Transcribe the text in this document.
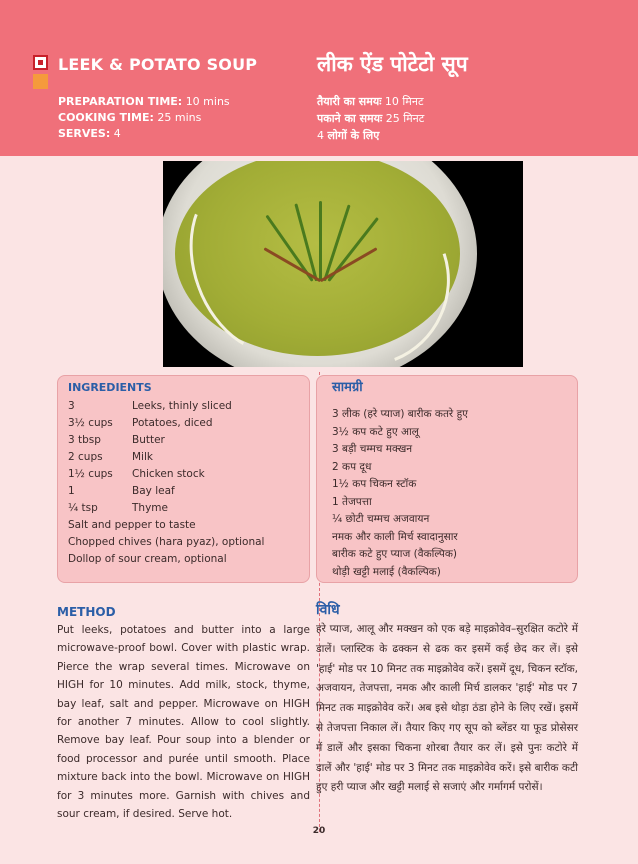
LEEK & POTATO SOUP	लीक ऐंड पोटेटो सूप
PREPARATION TIME: 10 mins
COOKING TIME: 25 mins
SERVES: 4
तैयारी का समयः 10 मिनट
पकाने का समयः 25 मिनट
4 लोगों के लिए
INGREDIENTS
3	Leeks, thinly sliced
3½ cups	Potatoes, diced
3 tbsp	Butter
2 cups	Milk
1½ cups	Chicken stock
1	Bay leaf
¼ tsp	Thyme
Salt and pepper to taste
Chopped chives (hara pyaz), optional
Dollop of sour cream, optional
सामग्री
3 लीक (हरे प्याज) बारीक कतरे हुए
3½ कप कटे हुए आलू
3 बड़ी चम्मच मक्खन
2 कप दूध
1½ कप चिकन स्टॉक
1 तेजपत्ता
¼ छोटी चम्मच अजवायन
नमक और काली मिर्च स्वादानुसार
बारीक कटे हुए प्याज (वैकल्पिक)
थोड़ी खट्टी मलाई (वैकल्पिक)
METHOD
Put leeks, potatoes and butter into a large microwave-proof bowl. Cover with plastic wrap. Pierce the wrap several times. Microwave on HIGH for 10 minutes. Add milk, stock, thyme, bay leaf, salt and pepper. Microwave on HIGH for another 7 minutes. Allow to cool slightly. Remove bay leaf. Pour soup into a blender or food processor and purée until smooth. Place mixture back into the bowl. Microwave on HIGH for 3 minutes more. Garnish with chives and sour cream, if desired. Serve hot.
विधि
हरे प्याज, आलू और मक्खन को एक बड़े माइक्रोवेव–सुरक्षित कटोरे में डालें। प्लास्टिक के ढक्कन से ढक कर इसमें कई छेद कर लें। इसे 'हाई' मोड पर 10 मिनट तक माइक्रोवेव करें। इसमें दूध, चिकन स्टॉक, अजवायन, तेजपत्ता, नमक और काली मिर्च डालकर 'हाई' मोड पर 7 मिनट तक माइक्रोवेव करें। अब इसे थोड़ा ठंडा होने के लिए रखें। इसमें से तेजपत्ता निकाल लें। तैयार किए गए सूप को ब्लेंडर या फूड प्रोसेसर में डालें और इसका चिकना शोरबा तैयार कर लें। इसे पुनः कटोरे में डालें और 'हाई' मोड पर 3 मिनट तक माइक्रोवेव करें। इसे बारीक कटी हुए हरी प्याज और खट्टी मलाई से सजाएं और गर्मागर्म परोसें।
20
